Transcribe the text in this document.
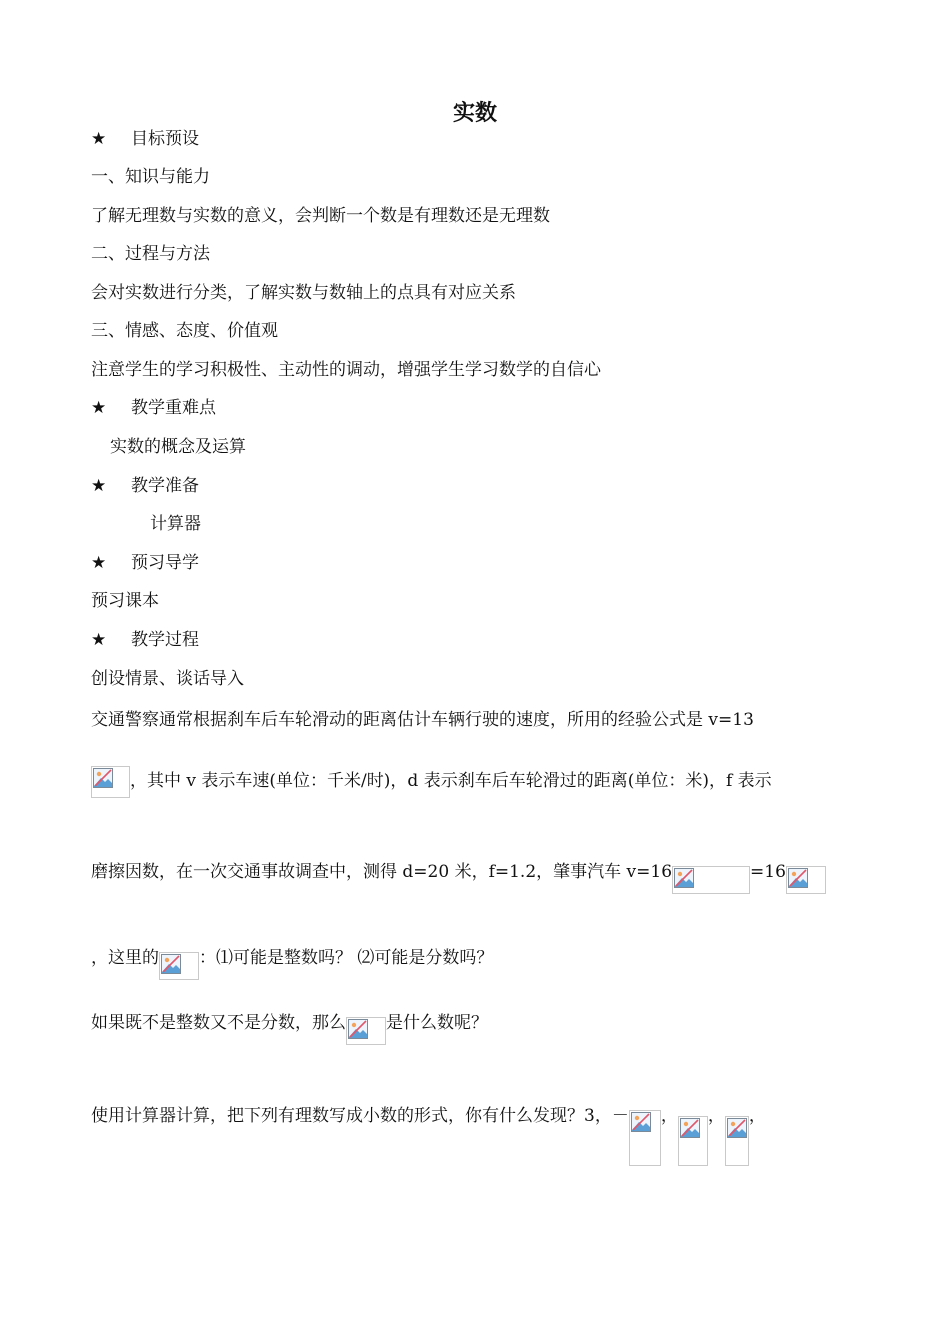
实数
★ 目标预设
一、知识与能力
了解无理数与实数的意义，会判断一个数是有理数还是无理数
二、过程与方法
会对实数进行分类，了解实数与数轴上的点具有对应关系
三、情感、态度、价值观
注意学生的学习积极性、主动性的调动，增强学生学习数学的自信心
★ 教学重难点
实数的概念及运算
★ 教学准备
计算器
★ 预习导学
预习课本
★ 教学过程
创设情景、谈话导入
交通警察通常根据刹车后车轮滑动的距离估计车辆行驶的速度，所用的经验公式是 v=13
，其中 v 表示车速(单位：千米/时)，d 表示刹车后车轮滑过的距离(单位：米)，f 表示
磨擦因数，在一次交通事故调查中，测得 d=20 米，f=1.2，肇事汽车 v=16	=16
，这里的 ：⑴可能是整数吗？ ⑵可能是分数吗？
如果既不是整数又不是分数，那么 是什么数呢？
使用计算器计算，把下列有理数写成小数的形式，你有什么发现？3，－ ， ， ，
